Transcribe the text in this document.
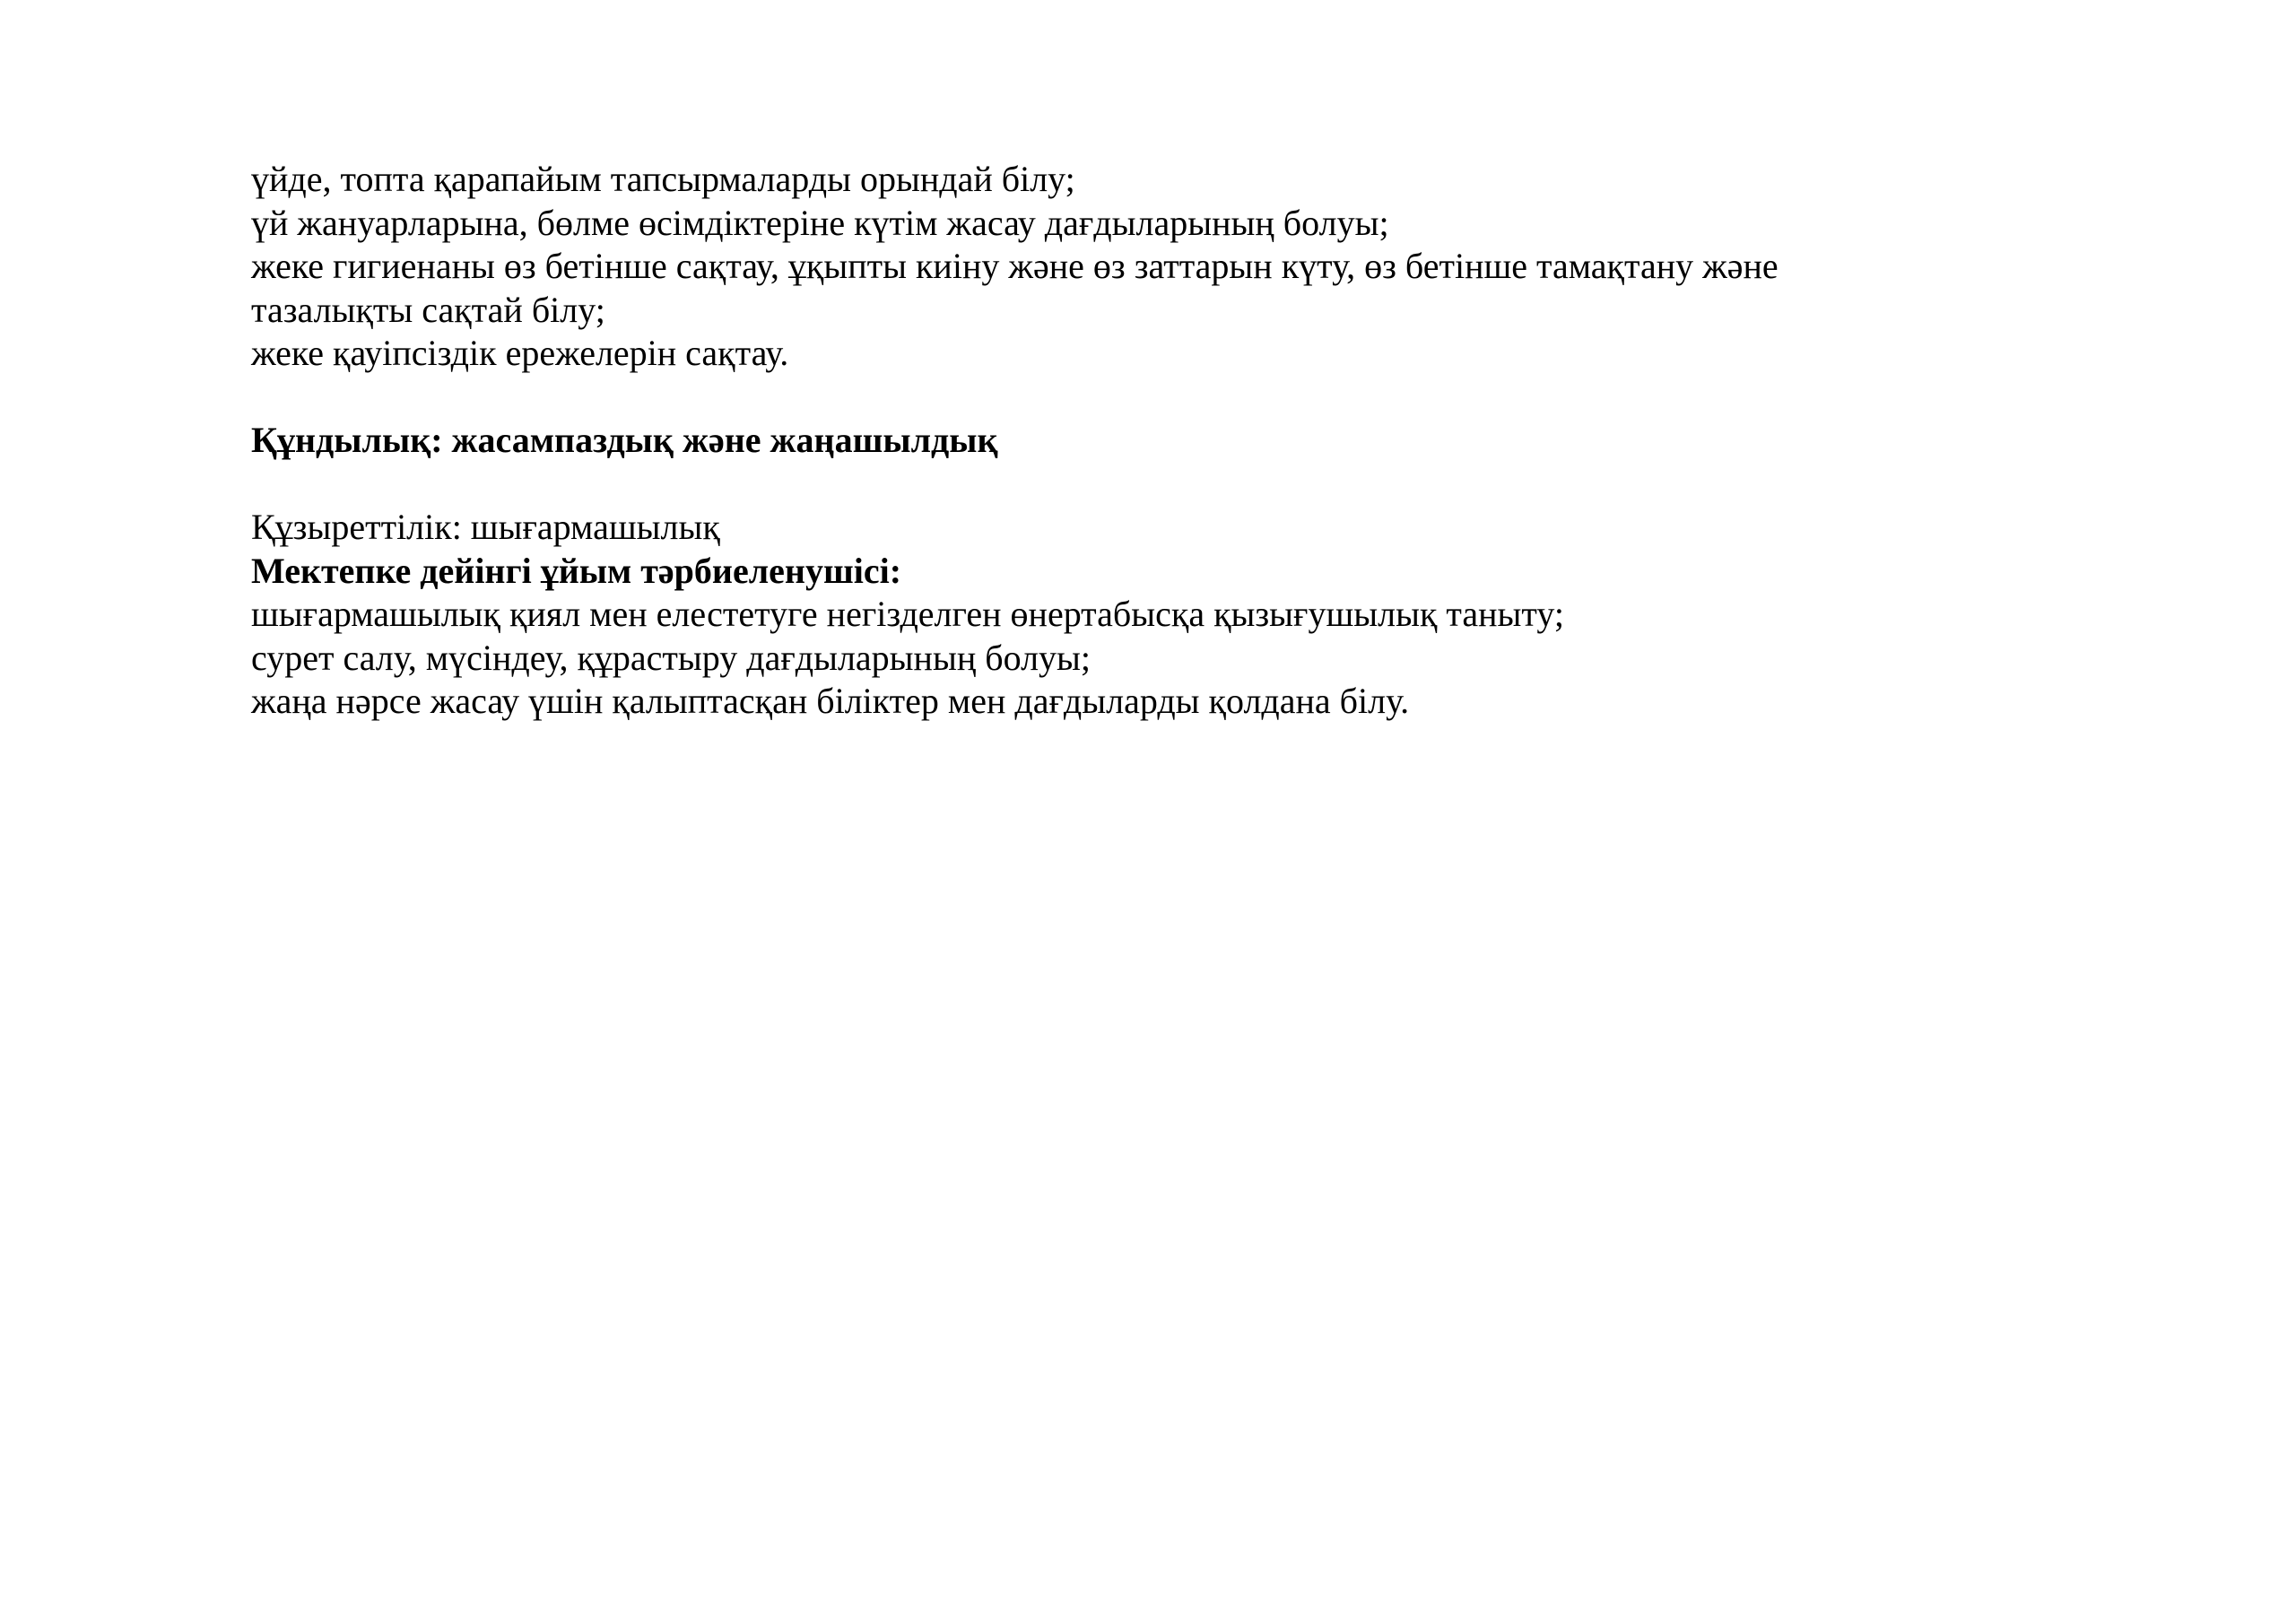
үйде, топта қарапайым тапсырмаларды орындай білу;

үй жануарларына, бөлме өсімдіктеріне күтім жасау дағдыларының болуы;

жеке гигиенаны өз бетінше сақтау, ұқыпты киіну және өз заттарын күту, өз бетінше тамақтану және

тазалықты сақтай білу;

жеке қауіпсіздік ережелерін сақтау.

Құндылық: жасампаздық және жаңашылдық

Құзыреттілік: шығармашылық

Мектепке дейінгі ұйым тәрбиеленушісі:

шығармашылық қиял мен елестетуге негізделген өнертабысқа қызығушылық таныту;

сурет салу, мүсіндеу, құрастыру дағдыларының болуы;

жаңа нәрсе жасау үшін қалыптасқан біліктер мен дағдыларды қолдана білу.
